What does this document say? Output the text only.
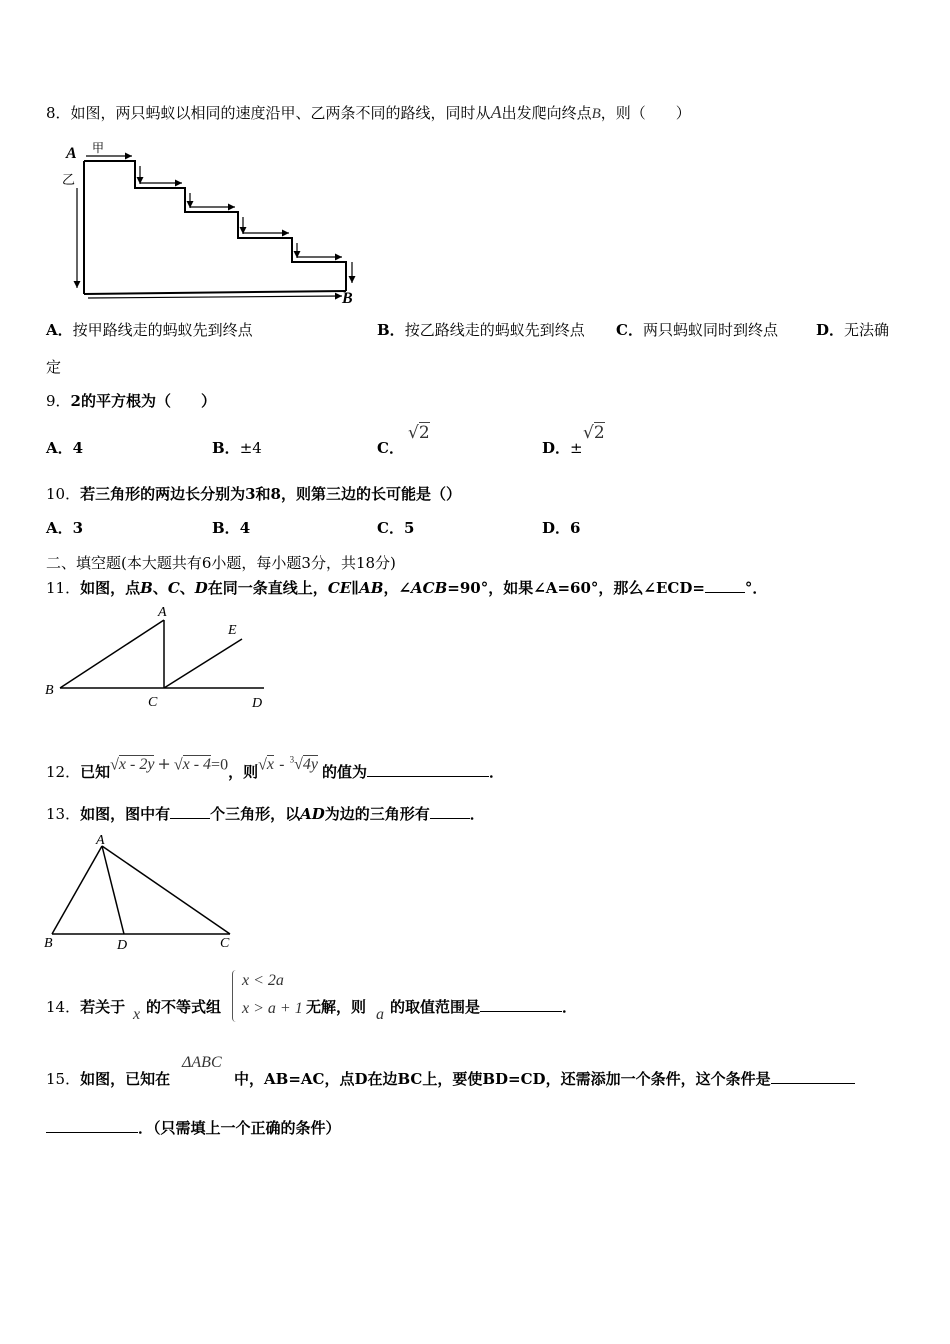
8．如图，两只蚂蚁以相同的速度沿甲、乙两条不同的路线，同时从A出发爬向终点B，则（　　）
A 甲
乙
B
A．按甲路线走的蚂蚁先到终点	B．按乙路线走的蚂蚁先到终点 C．两只蚂蚁同时到终点	D．无法确
定
9．2的平方根为（　　）
A．4	B．±4	C．
√2
D．±
√2
10．若三角形的两边长分别为3和8，则第三边的长可能是（）
A．3	B．4	C．5	D．6
二、填空题(本大题共有6小题，每小题3分，共18分)
11．如图，点B、C、D在同一条直线上，CE∥AB，∠ACB=90°，如果∠A=60°，那么∠ECD=	°．
A
B
C	D
E
12．已知√x - 2y + √x - 4=0，则√x - $^3$√4y 的值为	．
13．如图，图中有	个三角形，以AD为边的三角形有	．
A
B	D	C
14．若关于 x 的不等式组
x < 2a
x > a + 1 无解，则 a 的取值范围是	．
15．如图，已知在
ΔABC
中，AB=AC，点D在边BC上，要使BD=CD，还需添加一个条件，这个条件是
．（只需填上一个正确的条件）
